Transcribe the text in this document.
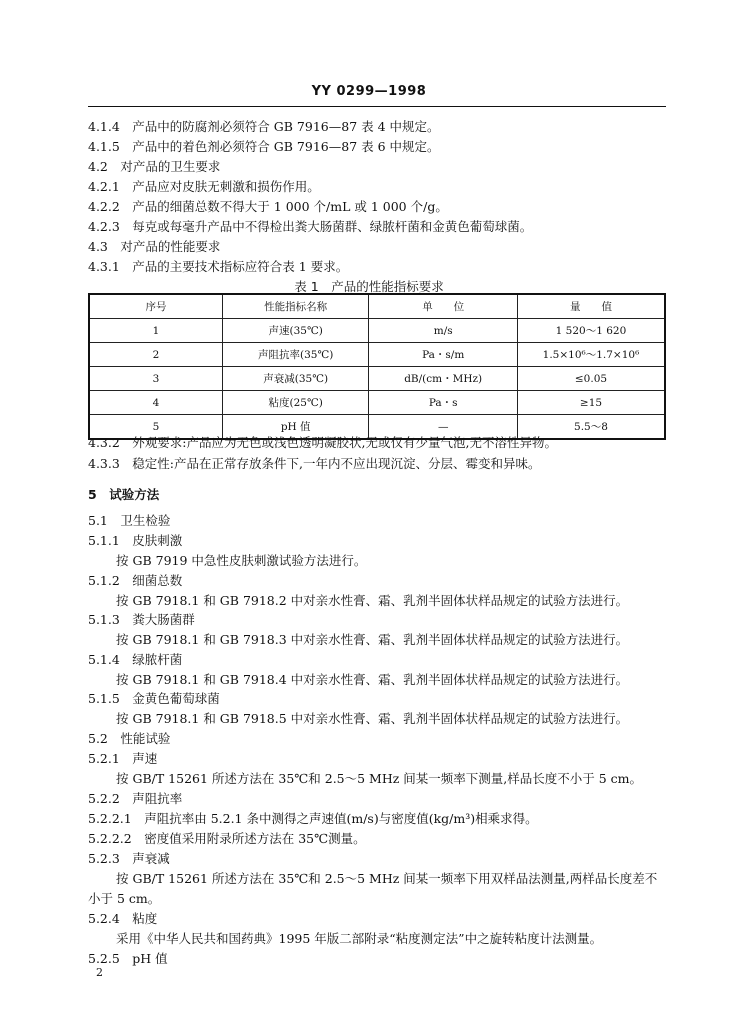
YY 0299—1998
4.1.4　产品中的防腐剂必须符合 GB 7916—87 表 4 中规定。
4.1.5　产品中的着色剂必须符合 GB 7916—87 表 6 中规定。
4.2　对产品的卫生要求
4.2.1　产品应对皮肤无刺激和损伤作用。
4.2.2　产品的细菌总数不得大于 1 000 个/mL 或 1 000 个/g。
4.2.3　每克或每毫升产品中不得检出粪大肠菌群、绿脓杆菌和金黄色葡萄球菌。
4.3　对产品的性能要求
4.3.1　产品的主要技术指标应符合表 1 要求。
表 1　产品的性能指标要求
序号	性能指标名称	单　　位	量　　值
1	声速(35℃)	m/s	1 520～1 620
2	声阻抗率(35℃)	Pa・s/m	1.5×10⁶～1.7×10⁶
3	声衰减(35℃)	dB/(cm・MHz)	≤0.05
4	粘度(25℃)	Pa・s	≥15
5	pH 值	—	5.5～8
4.3.2　外观要求:产品应为无色或浅色透明凝胶状,无或仅有少量气泡,无不溶性异物。
4.3.3　稳定性:产品在正常存放条件下,一年内不应出现沉淀、分层、霉变和异味。
5　试验方法
5.1　卫生检验
5.1.1　皮肤刺激
按 GB 7919 中急性皮肤刺激试验方法进行。
5.1.2　细菌总数
按 GB 7918.1 和 GB 7918.2 中对亲水性膏、霜、乳剂半固体状样品规定的试验方法进行。
5.1.3　粪大肠菌群
按 GB 7918.1 和 GB 7918.3 中对亲水性膏、霜、乳剂半固体状样品规定的试验方法进行。
5.1.4　绿脓杆菌
按 GB 7918.1 和 GB 7918.4 中对亲水性膏、霜、乳剂半固体状样品规定的试验方法进行。
5.1.5　金黄色葡萄球菌
按 GB 7918.1 和 GB 7918.5 中对亲水性膏、霜、乳剂半固体状样品规定的试验方法进行。
5.2　性能试验
5.2.1　声速
按 GB/T 15261 所述方法在 35℃和 2.5～5 MHz 间某一频率下测量,样品长度不小于 5 cm。
5.2.2　声阻抗率
5.2.2.1　声阻抗率由 5.2.1 条中测得之声速值(m/s)与密度值(kg/m³)相乘求得。
5.2.2.2　密度值采用附录所述方法在 35℃测量。
5.2.3　声衰减
按 GB/T 15261 所述方法在 35℃和 2.5～5 MHz 间某一频率下用双样品法测量,两样品长度差不
小于 5 cm。
5.2.4　粘度
采用《中华人民共和国药典》1995 年版二部附录“粘度测定法”中之旋转粘度计法测量。
5.2.5　pH 值
2
